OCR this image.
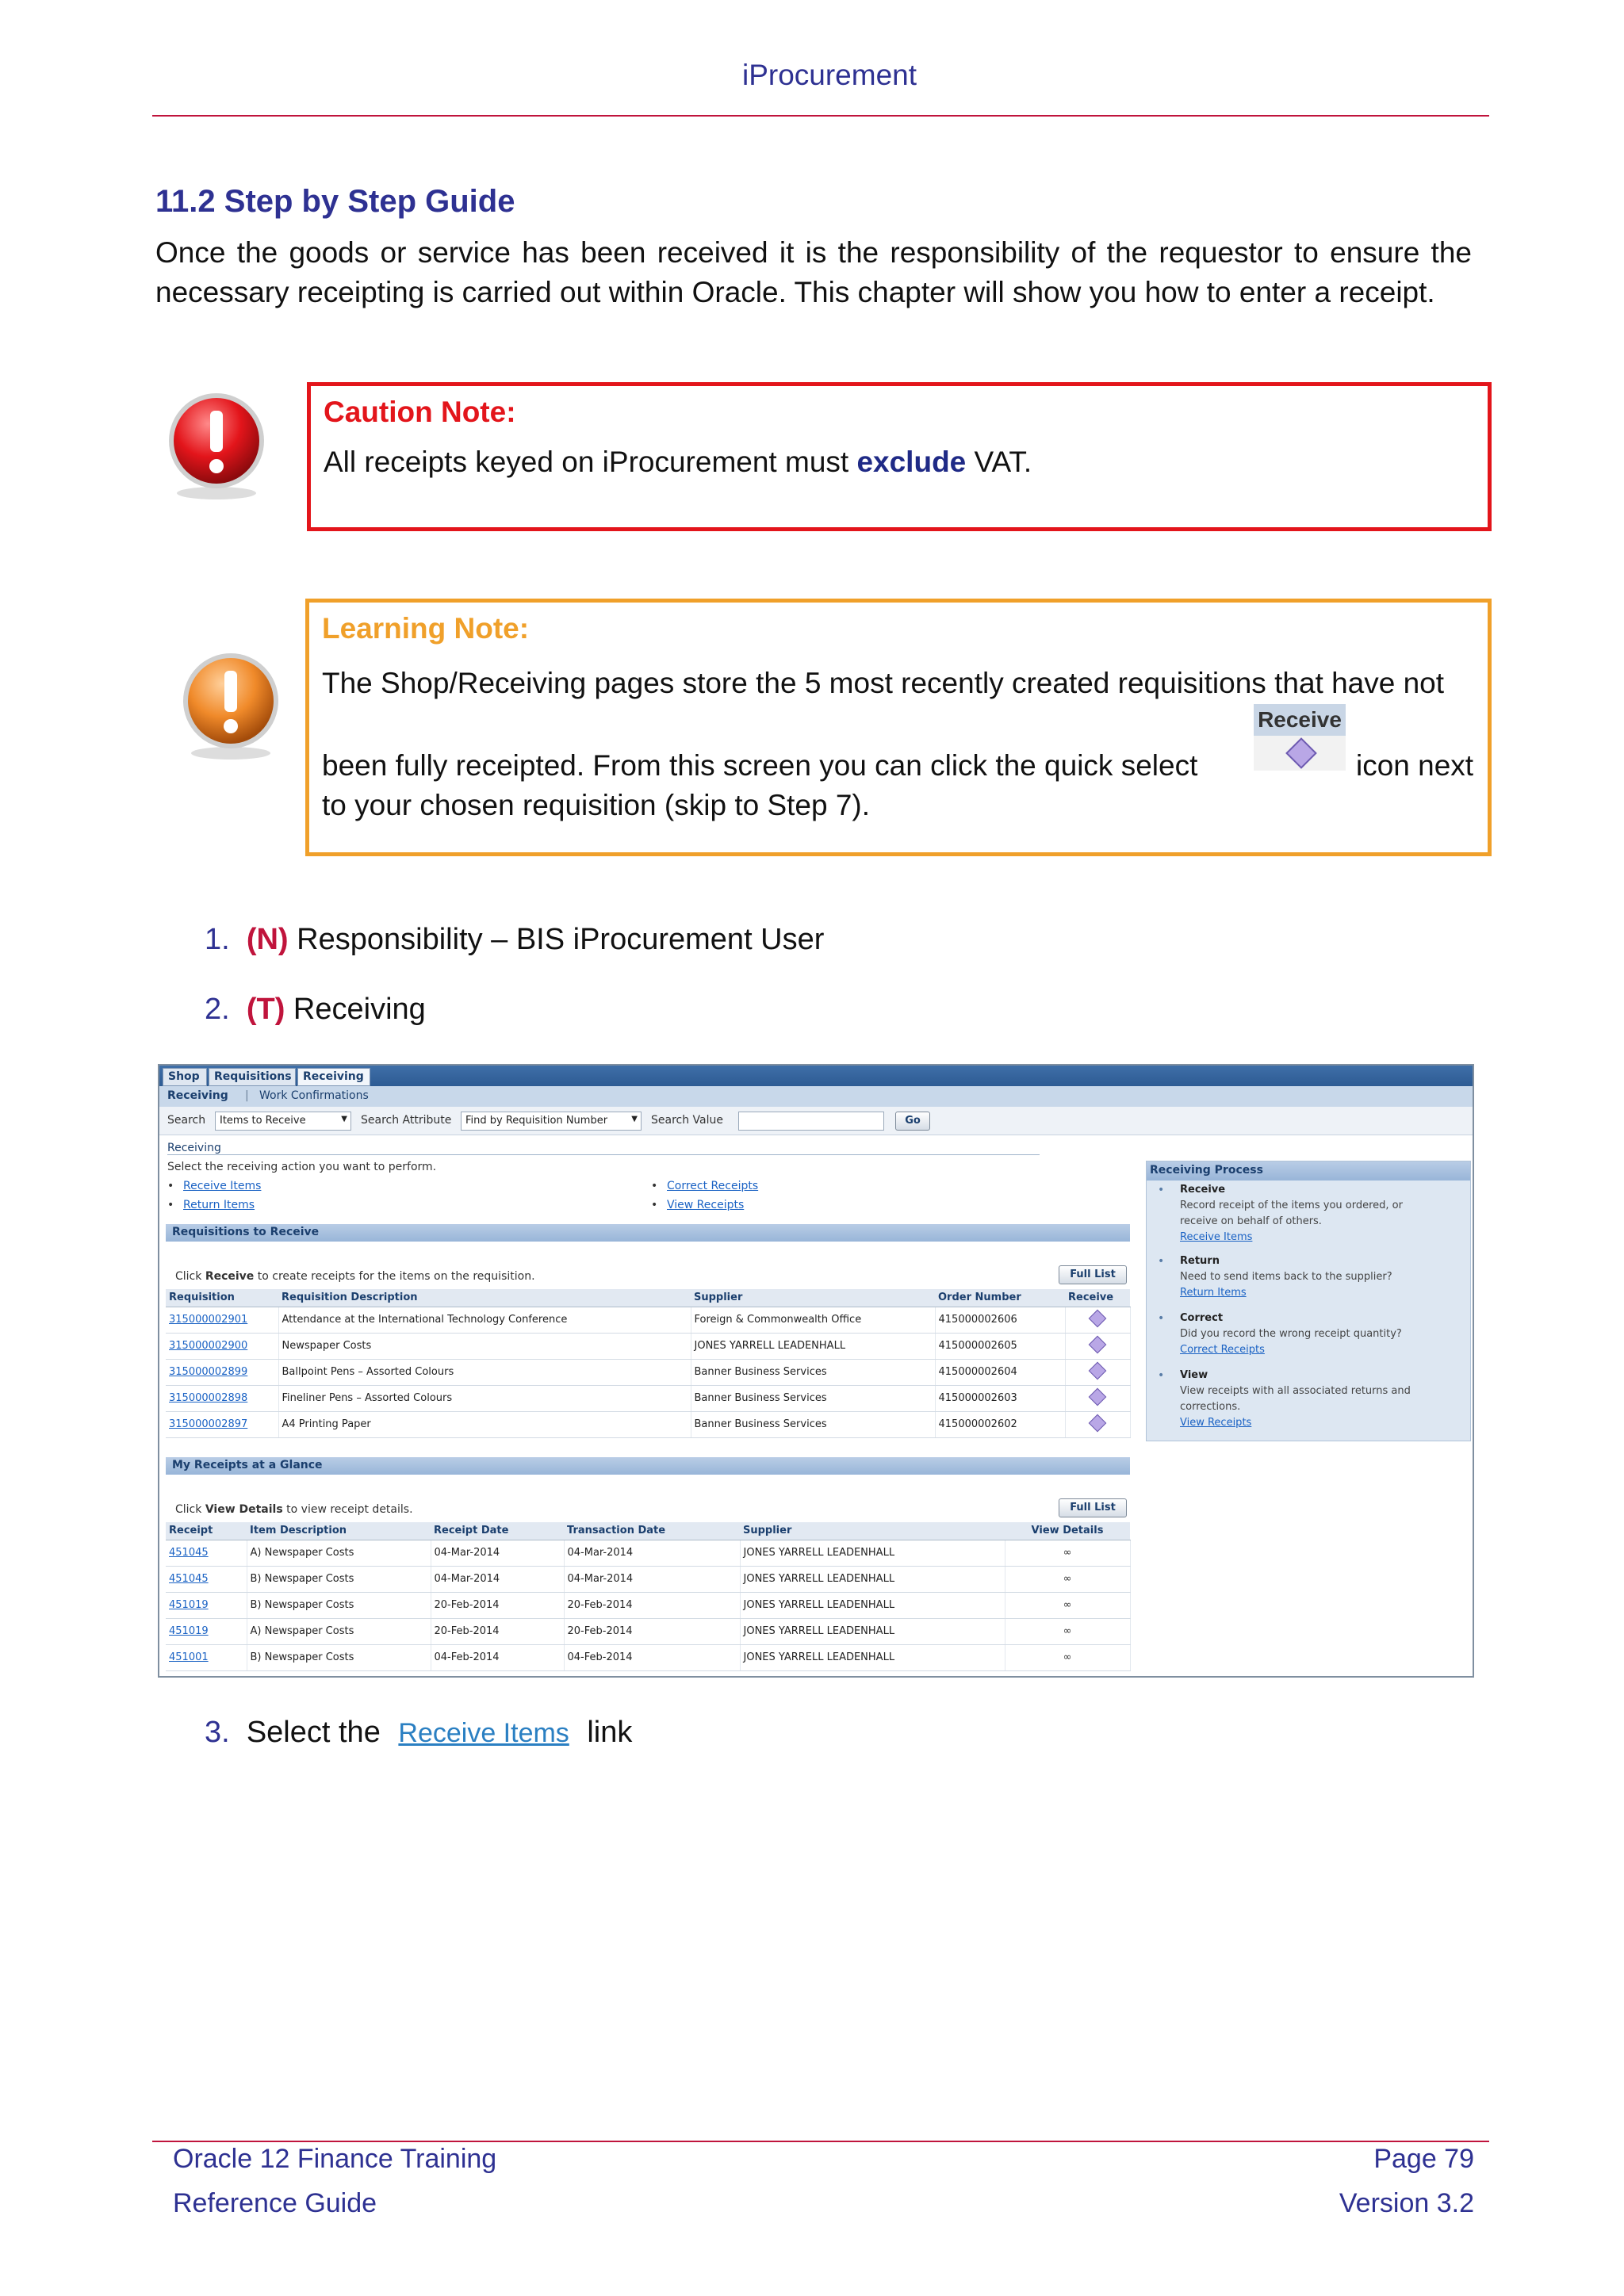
iProcurement
11.2 Step by Step Guide
Once the goods or service has been received it is the responsibility of the requestor to ensure the necessary receipting is carried out within Oracle. This chapter will show you how to enter a receipt.
Caution Note:
All receipts keyed on iProcurement must exclude VAT.
Learning Note:
The Shop/Receiving pages store the 5 most recently created requisitions that have not
been fully receipted. From this screen you can click the quick select
Receive
icon next
to your chosen requisition (skip to Step 7).
1. (N) Responsibility – BIS iProcurement User
2. (T) Receiving
Shop	Requisitions	Receiving
Receiving | Work Confirmations
Search	Items to Receive	▼ Search Attribute	Find by Requisition Number	▼ Search Value	Go
Receiving
Select the receiving action you want to perform.
• Receive Items
• Return Items
• Correct Receipts
• View Receipts
Requisitions to Receive
Click Receive to create receipts for the items on the requisition.	Full List
Requisition	Requisition Description	Supplier	Order Number	Receive
315000002901	Attendance at the International Technology Conference	Foreign & Commonwealth Office	415000002606	
315000002900	Newspaper Costs	JONES YARRELL LEADENHALL	415000002605	
315000002899	Ballpoint Pens – Assorted Colours	Banner Business Services	415000002604	
315000002898	Fineliner Pens – Assorted Colours	Banner Business Services	415000002603	
315000002897	A4 Printing Paper	Banner Business Services	415000002602	
My Receipts at a Glance
Click View Details to view receipt details.	Full List
Receipt	Item Description	Receipt Date	Transaction Date	Supplier	View Details
451045	A) Newspaper Costs	04-Mar-2014	04-Mar-2014	JONES YARRELL LEADENHALL	∞
451045	B) Newspaper Costs	04-Mar-2014	04-Mar-2014	JONES YARRELL LEADENHALL	∞
451019	B) Newspaper Costs	20-Feb-2014	20-Feb-2014	JONES YARRELL LEADENHALL	∞
451019	A) Newspaper Costs	20-Feb-2014	20-Feb-2014	JONES YARRELL LEADENHALL	∞
451001	B) Newspaper Costs	04-Feb-2014	04-Feb-2014	JONES YARRELL LEADENHALL	∞
Receiving Process
• Receive
Record receipt of the items you ordered, or
receive on behalf of others.
Receive Items
• Return
Need to send items back to the supplier?
Return Items
• Correct
Did you record the wrong receipt quantity?
Correct Receipts
• View
View receipts with all associated returns and
corrections.
View Receipts
3. Select the Receive Items link
Oracle 12 Finance Training
Reference Guide
Page 79
Version 3.2
